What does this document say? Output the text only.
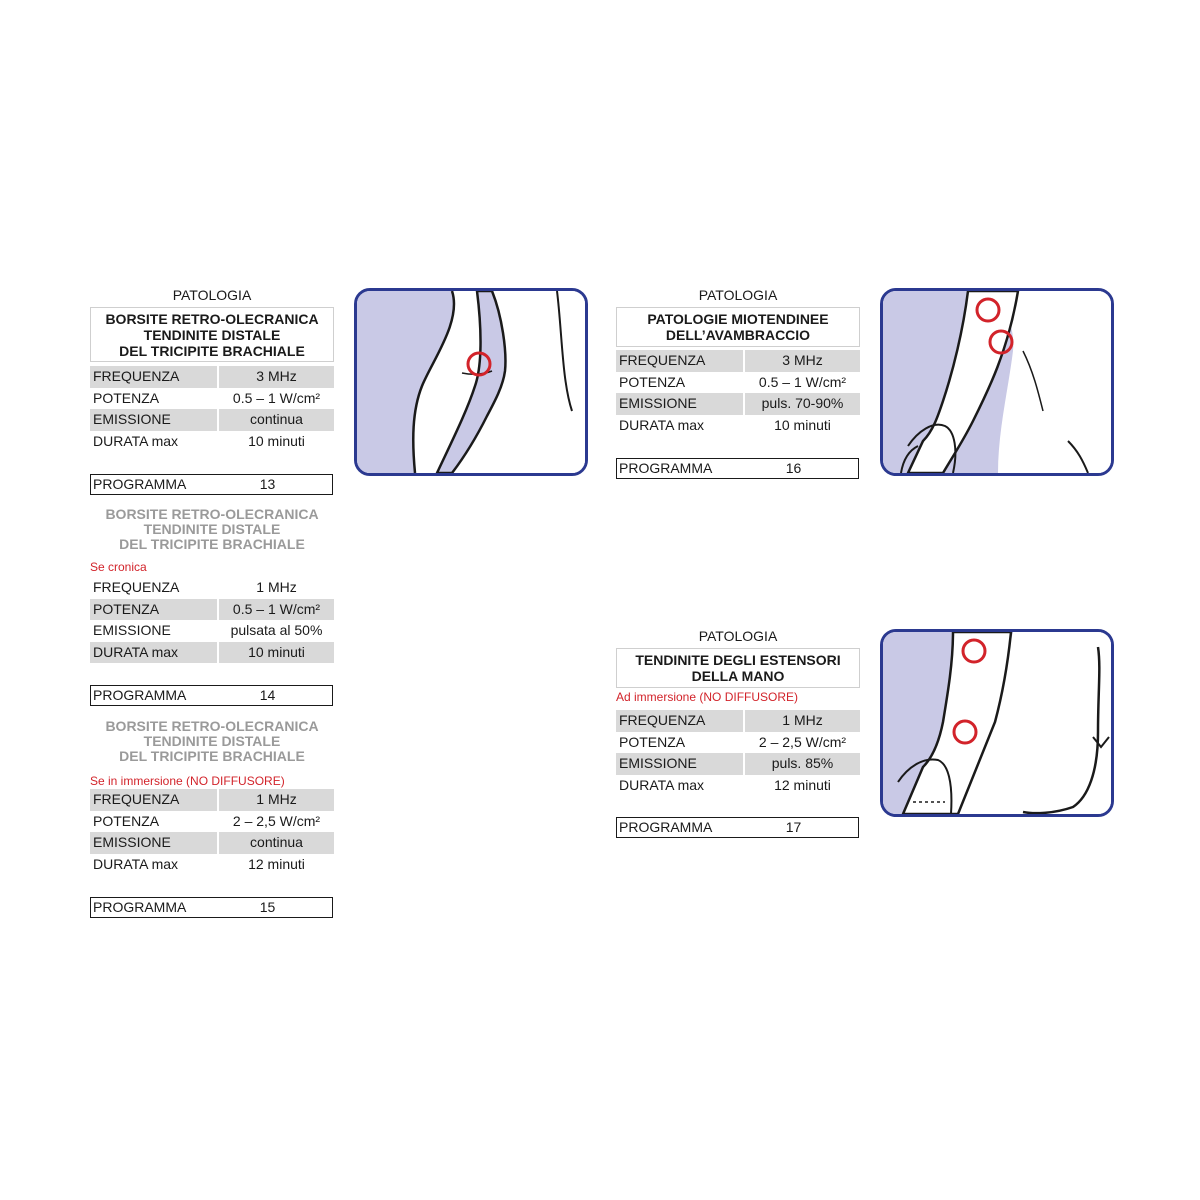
PATOLOGIA
BORSITE RETRO-OLECRANICA
TENDINITE DISTALE
DEL TRICIPITE BRACHIALE
FREQUENZA	3 MHz
POTENZA	0.5 – 1 W/cm²
EMISSIONE	continua
DURATA max	10 minuti
PROGRAMMA	13
BORSITE RETRO-OLECRANICA
TENDINITE DISTALE
DEL TRICIPITE BRACHIALE
Se cronica
FREQUENZA	1 MHz
POTENZA	0.5 – 1 W/cm²
EMISSIONE	pulsata al 50%
DURATA max	10 minuti
PROGRAMMA	14
BORSITE RETRO-OLECRANICA
TENDINITE DISTALE
DEL TRICIPITE BRACHIALE
Se in immersione (NO DIFFUSORE)
FREQUENZA	1 MHz
POTENZA	2 – 2,5 W/cm²
EMISSIONE	continua
DURATA max	12 minuti
PROGRAMMA	15
PATOLOGIA
PATOLOGIE MIOTENDINEE
DELL’AVAMBRACCIO
FREQUENZA	3 MHz
POTENZA	0.5 – 1 W/cm²
EMISSIONE	puls. 70-90%
DURATA max	10 minuti
PROGRAMMA	16
PATOLOGIA
TENDINITE DEGLI ESTENSORI
DELLA MANO
Ad immersione (NO DIFFUSORE)
FREQUENZA	1 MHz
POTENZA	2 – 2,5 W/cm²
EMISSIONE	puls. 85%
DURATA max	12 minuti
PROGRAMMA	17
